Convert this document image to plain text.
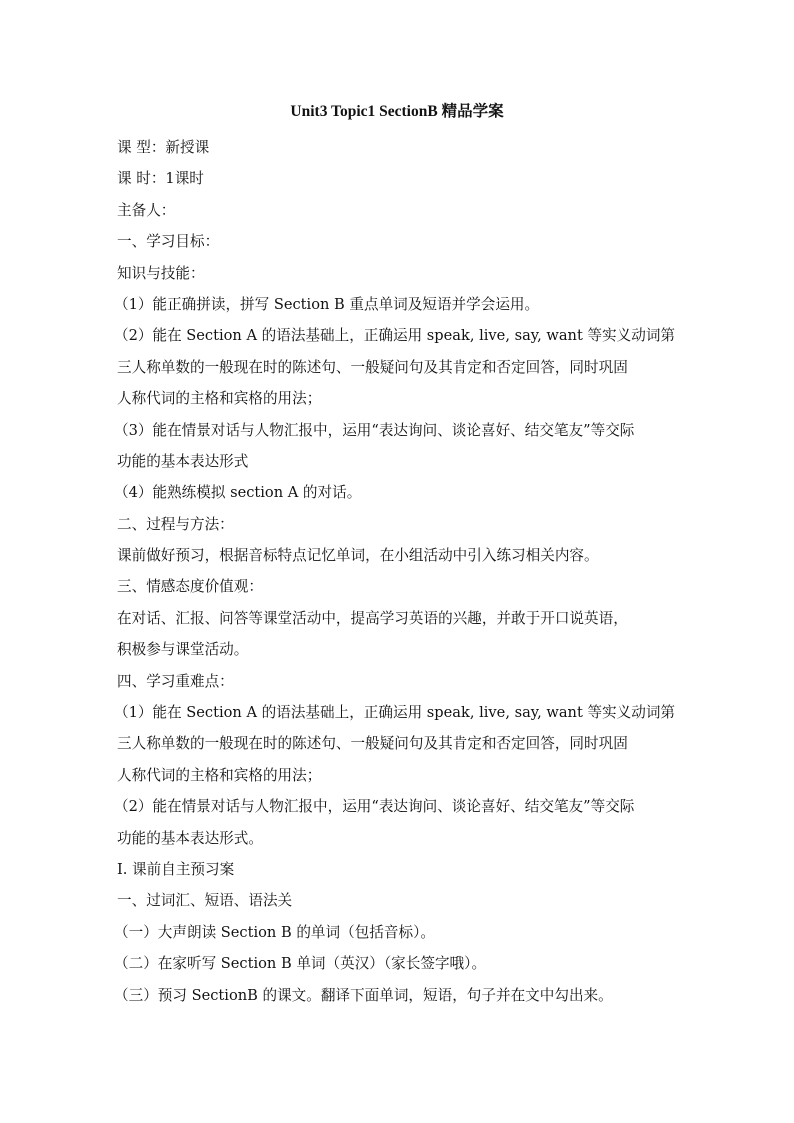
Unit3 Topic1 SectionB 精品学案
课 型：新授课
课 时：1课时
主备人：
一、学习目标：
知识与技能：
（1）能正确拼读，拼写 Section B 重点单词及短语并学会运用。
（2）能在 Section A 的语法基础上，正确运用 speak, live, say, want 等实义动词第
三人称单数的一般现在时的陈述句、一般疑问句及其肯定和否定回答，同时巩固
人称代词的主格和宾格的用法；
（3）能在情景对话与人物汇报中，运用“表达询问、谈论喜好、结交笔友”等交际
功能的基本表达形式
（4）能熟练模拟 section A 的对话。
二、过程与方法：
课前做好预习，根据音标特点记忆单词，在小组活动中引入练习相关内容。
三、情感态度价值观：
在对话、汇报、问答等课堂活动中，提高学习英语的兴趣，并敢于开口说英语，
积极参与课堂活动。
四、学习重难点：
（1）能在 Section A 的语法基础上，正确运用 speak, live, say, want 等实义动词第
三人称单数的一般现在时的陈述句、一般疑问句及其肯定和否定回答，同时巩固
人称代词的主格和宾格的用法；
（2）能在情景对话与人物汇报中，运用“表达询问、谈论喜好、结交笔友”等交际
功能的基本表达形式。
I. 课前自主预习案
一、过词汇、短语、语法关
（一）大声朗读 Section B 的单词（包括音标）。
（二）在家听写 Section B 单词（英汉）（家长签字哦）。
（三）预习 SectionB 的课文。翻译下面单词，短语，句子并在文中勾出来。
